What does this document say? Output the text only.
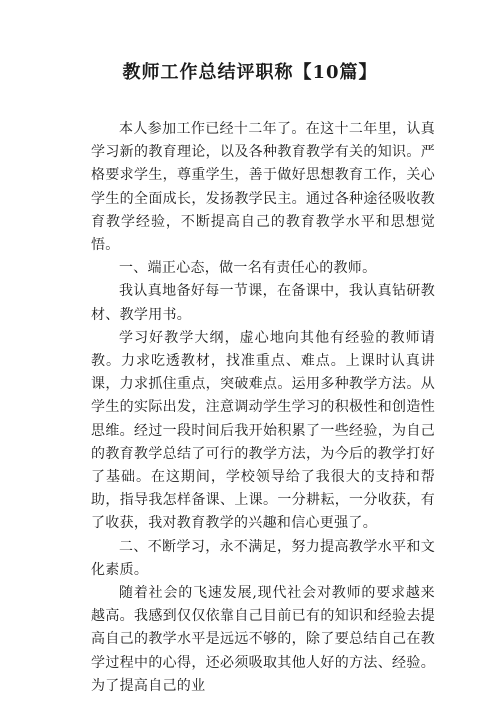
教师工作总结评职称【10篇】

本人参加工作已经十二年了。在这十二年里，认真学习新的教育理论，以及各种教育教学有关的知识。严格要求学生，尊重学生，善于做好思想教育工作，关心学生的全面成长，发扬教学民主。通过各种途径吸收教育教学经验，不断提高自己的教育教学水平和思想觉悟。

一、端正心态，做一名有责任心的教师。

我认真地备好每一节课，在备课中，我认真钻研教材、教学用书。

学习好教学大纲，虚心地向其他有经验的教师请教。力求吃透教材，找准重点、难点。上课时认真讲课，力求抓住重点，突破难点。运用多种教学方法。从学生的实际出发，注意调动学生学习的积极性和创造性思维。经过一段时间后我开始积累了一些经验，为自己的教育教学总结了可行的教学方法，为今后的教学打好了基础。在这期间，学校领导给了我很大的支持和帮助，指导我怎样备课、上课。一分耕耘，一分收获，有了收获，我对教育教学的兴趣和信心更强了。

二、不断学习，永不满足，努力提高教学水平和文化素质。

随着社会的飞速发展,现代社会对教师的要求越来越高。我感到仅仅依靠自己目前已有的知识和经验去提高自己的教学水平是远远不够的，除了要总结自己在教学过程中的心得，还必须吸取其他人好的方法、经验。为了提高自己的业
